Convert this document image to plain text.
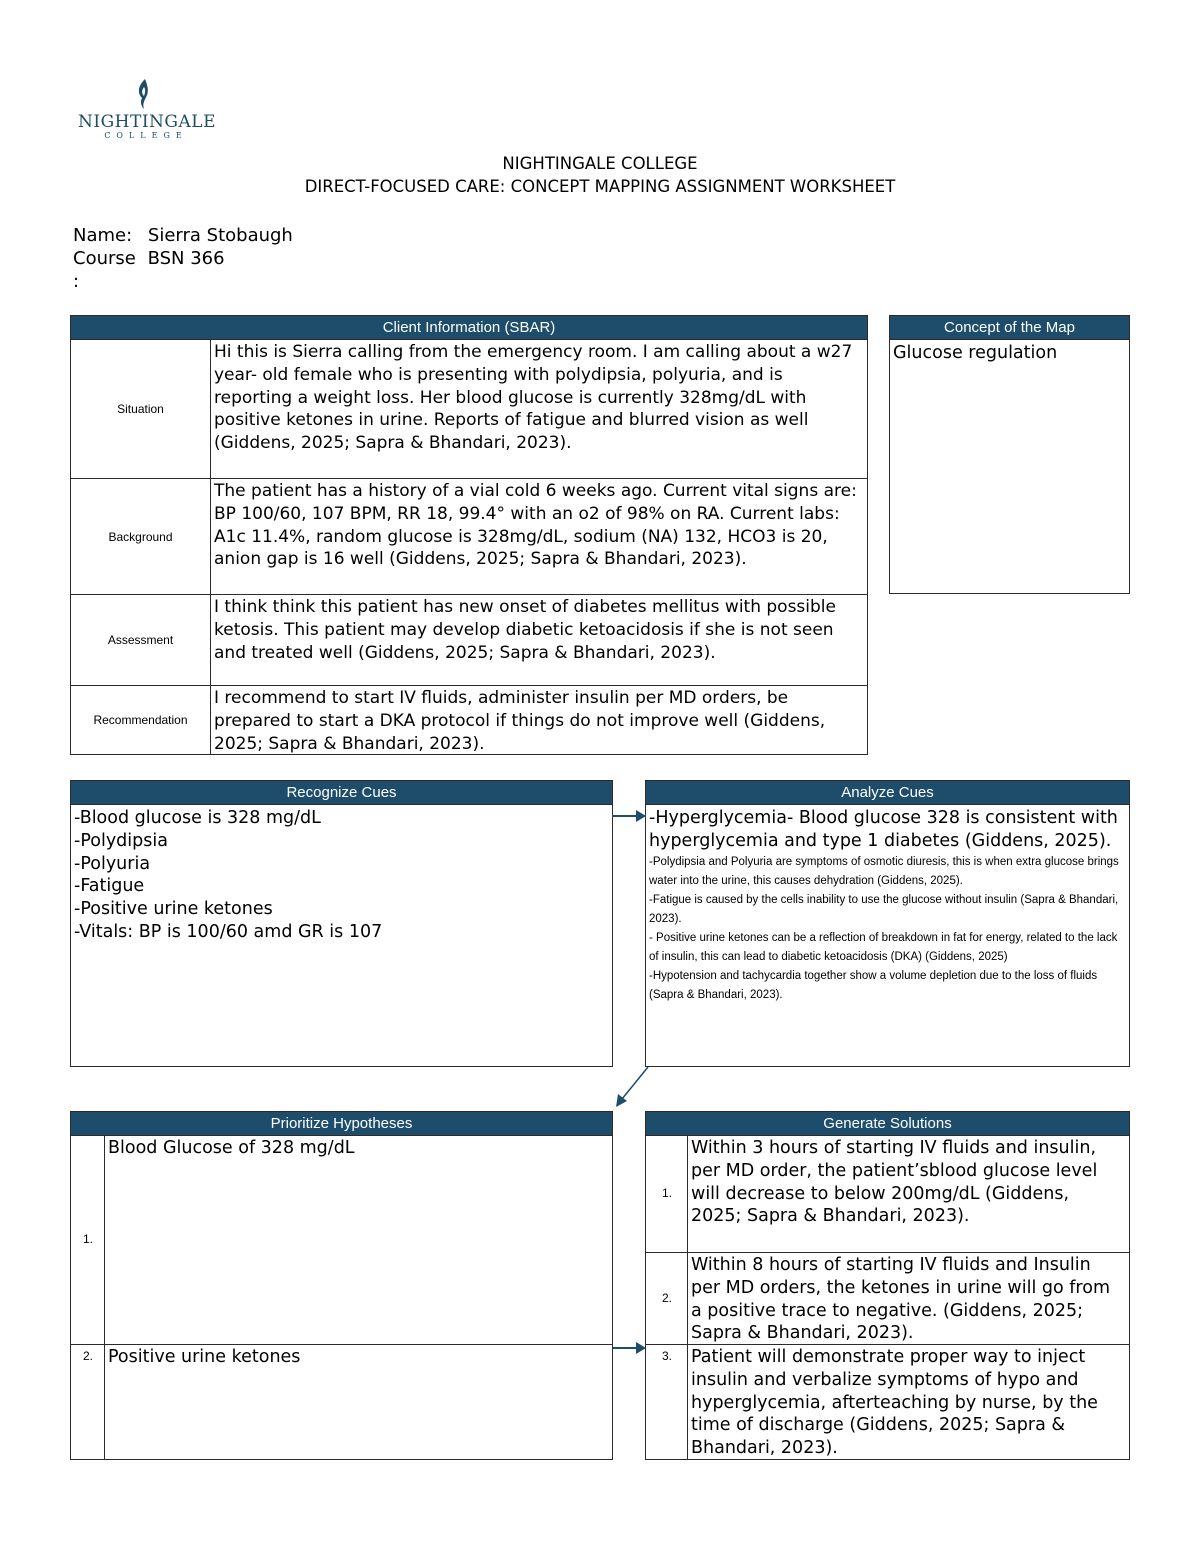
NIGHTINGALE
COLLEGE
NIGHTINGALE COLLEGE
DIRECT-FOCUSED CARE: CONCEPT MAPPING ASSIGNMENT WORKSHEET
Name: Sierra Stobaugh
Course BSN 366
:
Client Information (SBAR)
Situation
Hi this is Sierra calling from the emergency room. I am calling about a w27 year- old female who is presenting with polydipsia, polyuria, and is reporting a weight loss. Her blood glucose is currently 328mg/dL with positive ketones in urine. Reports of fatigue and blurred vision as well (Giddens, 2025; Sapra & Bhandari, 2023).
Background
The patient has a history of a vial cold 6 weeks ago. Current vital signs are: BP 100/60, 107 BPM, RR 18, 99.4° with an o2 of 98% on RA. Current labs: A1c 11.4%, random glucose is 328mg/dL, sodium (NA) 132, HCO3 is 20, anion gap is 16 well (Giddens, 2025; Sapra & Bhandari, 2023).
Assessment
I think think this patient has new onset of diabetes mellitus with possible ketosis. This patient may develop diabetic ketoacidosis if she is not seen and treated well (Giddens, 2025; Sapra & Bhandari, 2023).
Recommendation
I recommend to start IV fluids, administer insulin per MD orders, be prepared to start a DKA protocol if things do not improve well (Giddens, 2025; Sapra & Bhandari, 2023).
Concept of the Map
Glucose regulation
Recognize Cues
-Blood glucose is 328 mg/dL
-Polydipsia
-Polyuria
-Fatigue
-Positive urine ketones
-Vitals: BP is 100/60 amd GR is 107
Analyze Cues
-Hyperglycemia- Blood glucose 328 is consistent with hyperglycemia and type 1 diabetes (Giddens, 2025).
-Polydipsia and Polyuria are symptoms of osmotic diuresis, this is when extra glucose brings water into the urine, this causes dehydration (Giddens, 2025).
-Fatigue is caused by the cells inability to use the glucose without insulin (Sapra & Bhandari, 2023).
- Positive urine ketones can be a reflection of breakdown in fat for energy, related to the lack of insulin, this can lead to diabetic ketoacidosis (DKA) (Giddens, 2025)
-Hypotension and tachycardia together show a volume depletion due to the loss of fluids (Sapra & Bhandari, 2023).
Prioritize Hypotheses
1.
Blood Glucose of 328 mg/dL
2. Positive urine ketones
Generate Solutions
1.
Within 3 hours of starting IV fluids and insulin, per MD order, the patient’sblood glucose level will decrease to below 200mg/dL (Giddens, 2025; Sapra & Bhandari, 2023).
2.
Within 8 hours of starting IV fluids and Insulin per MD orders, the ketones in urine will go from a positive trace to negative. (Giddens, 2025; Sapra & Bhandari, 2023).
3.	Patient will demonstrate proper way to inject insulin and verbalize symptoms of hypo and hyperglycemia, afterteaching by nurse, by the time of discharge (Giddens, 2025; Sapra & Bhandari, 2023).
